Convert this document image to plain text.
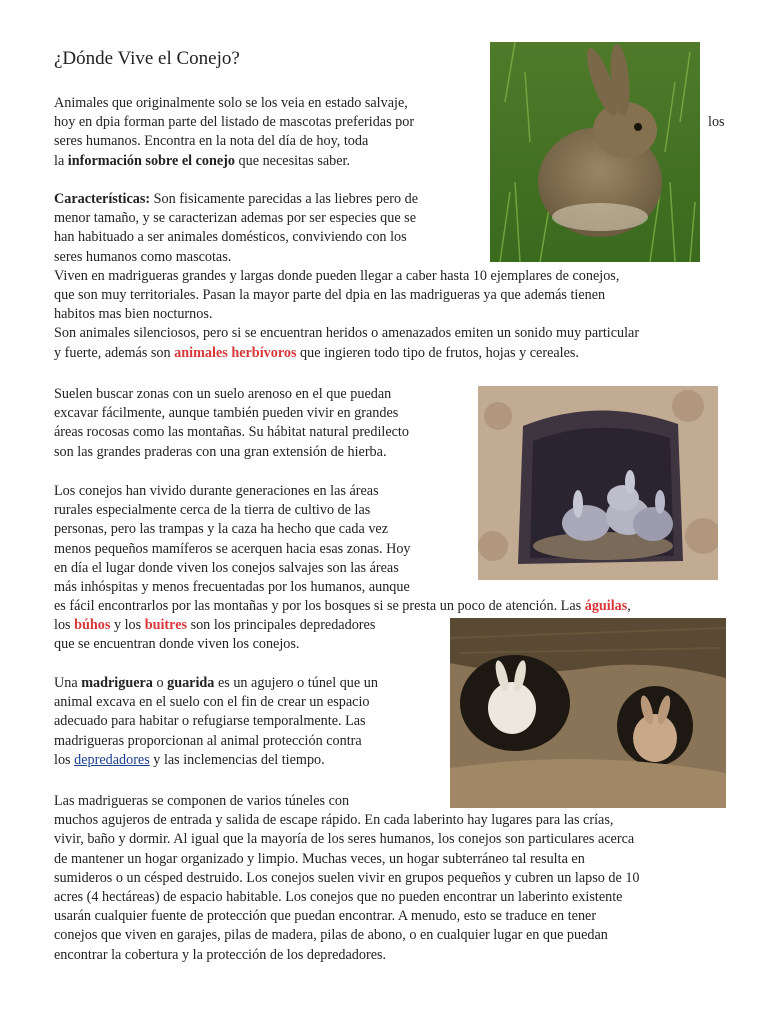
¿Dónde Vive el Conejo?
Animales que originalmente solo se los veia en estado salvaje,
hoy en dpia forman parte del listado de mascotas preferidas por
seres humanos. Encontra en la nota del día de hoy, toda
la información sobre el conejo que necesitas saber.
los
Características: Son fisicamente parecidas a las liebres pero de
menor tamaño, y se caracterizan ademas por ser especies que se
han habituado a ser animales domésticos, conviviendo con los
seres humanos como mascotas.
Viven en madrigueras grandes y largas donde pueden llegar a caber hasta 10 ejemplares de conejos,
que son muy territoriales. Pasan la mayor parte del dpia en las madrigueras ya que además tienen
habitos mas bien nocturnos.
Son animales silenciosos, pero si se encuentran heridos o amenazados emiten un sonido muy particular
y fuerte, además son animales herbívoros que ingieren todo tipo de frutos, hojas y cereales.
Suelen buscar zonas con un suelo arenoso en el que puedan
excavar fácilmente, aunque también pueden vivir en grandes
áreas rocosas como las montañas. Su hábitat natural predilecto
son las grandes praderas con una gran extensión de hierba.
Los conejos han vivido durante generaciones en las áreas
rurales especialmente cerca de la tierra de cultivo de las
personas, pero las trampas y la caza ha hecho que cada vez
menos pequeños mamíferos se acerquen hacia esas zonas. Hoy
en día el lugar donde viven los conejos salvajes son las áreas
más inhóspitas y menos frecuentadas por los humanos, aunque
es fácil encontrarlos por las montañas y por los bosques si se presta un poco de atención. Las águilas,
los búhos y los buitres son los principales depredadores
que se encuentran donde viven los conejos.
Una madriguera o guarida es un agujero o túnel que un
animal excava en el suelo con el fin de crear un espacio
adecuado para habitar o refugiarse temporalmente. Las
madrigueras proporcionan al animal protección contra
los depredadores y las inclemencias del tiempo.
Las madrigueras se componen de varios túneles con
muchos agujeros de entrada y salida de escape rápido. En cada laberinto hay lugares para las crías,
vivir, baño y dormir. Al igual que la mayoría de los seres humanos, los conejos son particulares acerca
de mantener un hogar organizado y limpio. Muchas veces, un hogar subterráneo tal resulta en
sumideros o un césped destruido. Los conejos suelen vivir en grupos pequeños y cubren un lapso de 10
acres (4 hectáreas) de espacio habitable. Los conejos que no pueden encontrar un laberinto existente
usarán cualquier fuente de protección que puedan encontrar. A menudo, esto se traduce en tener
conejos que viven en garajes, pilas de madera, pilas de abono, o en cualquier lugar en que puedan
encontrar la cobertura y la protección de los depredadores.
